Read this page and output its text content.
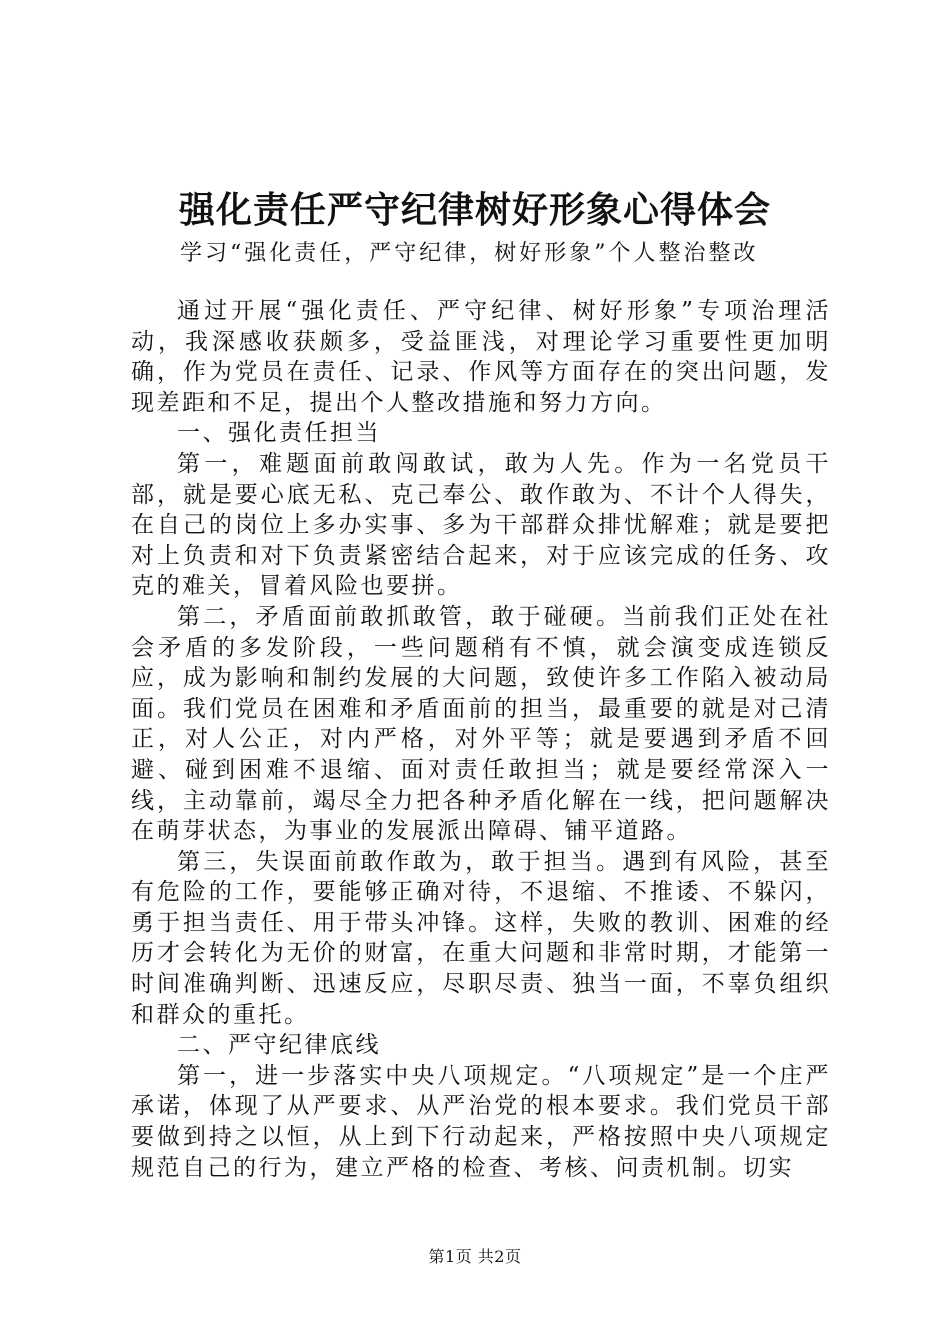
强化责任严守纪律树好形象心得体会

学习“强化责任，严守纪律，树好形象”个人整治整改

通过开展“强化责任、严守纪律、树好形象”专项治理活动，我深感收获颇多，受益匪浅，对理论学习重要性更加明确，作为党员在责任、记录、作风等方面存在的突出问题，发现差距和不足，提出个人整改措施和努力方向。

一、强化责任担当

第一，难题面前敢闯敢试，敢为人先。作为一名党员干部，就是要心底无私、克己奉公、敢作敢为、不计个人得失，在自己的岗位上多办实事、多为干部群众排忧解难；就是要把对上负责和对下负责紧密结合起来，对于应该完成的任务、攻克的难关，冒着风险也要拼。

第二，矛盾面前敢抓敢管，敢于碰硬。当前我们正处在社会矛盾的多发阶段，一些问题稍有不慎，就会演变成连锁反应，成为影响和制约发展的大问题，致使许多工作陷入被动局面。我们党员在困难和矛盾面前的担当，最重要的就是对己清正，对人公正，对内严格，对外平等；就是要遇到矛盾不回避、碰到困难不退缩、面对责任敢担当；就是要经常深入一线，主动靠前，竭尽全力把各种矛盾化解在一线，把问题解决在萌芽状态，为事业的发展派出障碍、铺平道路。

第三，失误面前敢作敢为，敢于担当。遇到有风险，甚至有危险的工作，要能够正确对待，不退缩、不推诿、不躲闪，勇于担当责任、用于带头冲锋。这样，失败的教训、困难的经历才会转化为无价的财富，在重大问题和非常时期，才能第一时间准确判断、迅速反应，尽职尽责、独当一面，不辜负组织和群众的重托。

二、严守纪律底线

第一，进一步落实中央八项规定。“八项规定”是一个庄严承诺，体现了从严要求、从严治党的根本要求。我们党员干部要做到持之以恒，从上到下行动起来，严格按照中央八项规定规范自己的行为，建立严格的检查、考核、问责机制。切实

第1页 共2页
